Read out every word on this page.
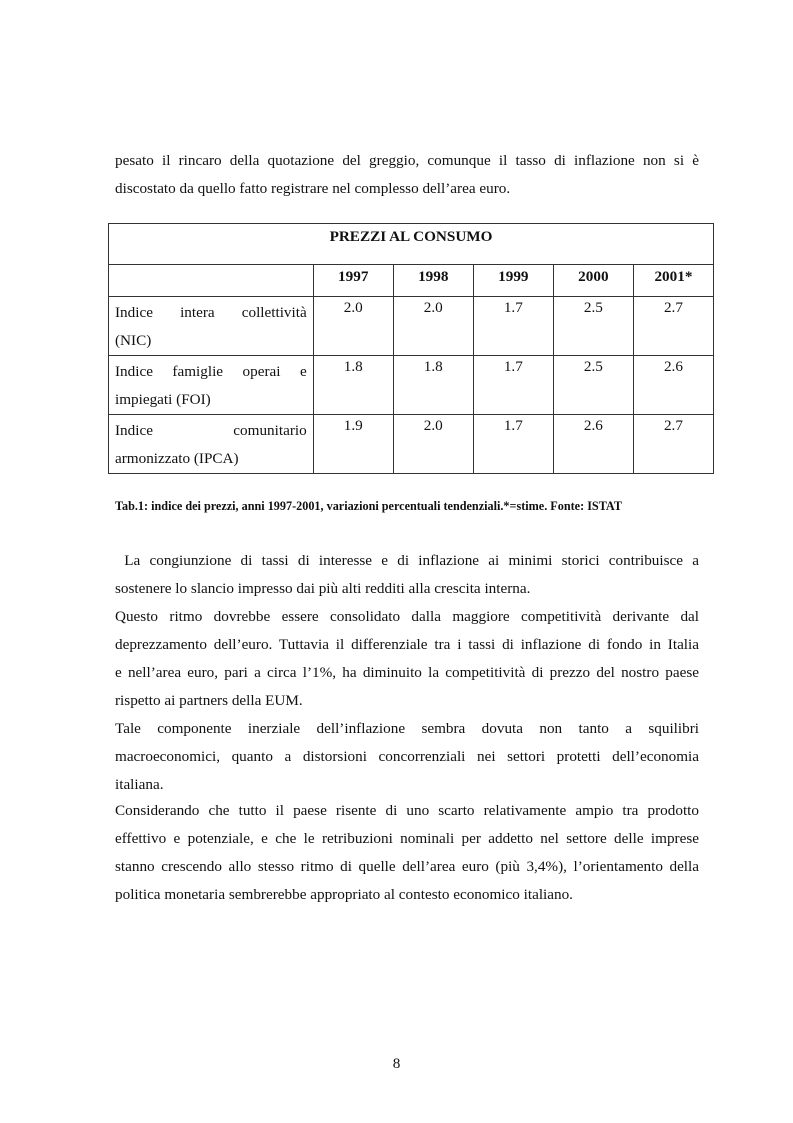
pesato il rincaro della quotazione del greggio, comunque il tasso di inflazione non si è
discostato da quello fatto registrare nel complesso dell’area euro.
PREZZI AL CONSUMO					
	1997	1998	1999	2000	2001*

Indice intera collettività
(NIC)	2.0	2.0	1.7	2.5	2.7

Indice famiglie operai e
impiegati (FOI)	1.8	1.8	1.7	2.5	2.6

Indice comunitario
armonizzato (IPCA)	1.9	2.0	1.7	2.6	2.7
Tab.1: indice dei prezzi, anni 1997-2001, variazioni percentuali tendenziali.*=stime. Fonte: ISTAT
La congiunzione di tassi di interesse e di inflazione ai minimi storici contribuisce a
sostenere lo slancio impresso dai più alti redditi alla crescita interna.
Questo ritmo dovrebbe essere consolidato dalla maggiore competitività derivante dal
deprezzamento dell’euro. Tuttavia il differenziale tra i tassi di inflazione di fondo in Italia
e nell’area euro, pari a circa l’1%, ha diminuito la competitività di prezzo del nostro paese
rispetto ai partners della EUM.
Tale componente inerziale dell’inflazione sembra dovuta non tanto a squilibri
macroeconomici, quanto a distorsioni concorrenziali nei settori protetti dell’economia
italiana.
Considerando che tutto il paese risente di uno scarto relativamente ampio tra prodotto
effettivo e potenziale, e che le retribuzioni nominali per addetto nel settore delle imprese
stanno crescendo allo stesso ritmo di quelle dell’area euro (più 3,4%), l’orientamento della
politica monetaria sembrerebbe appropriato al contesto economico italiano.
8
